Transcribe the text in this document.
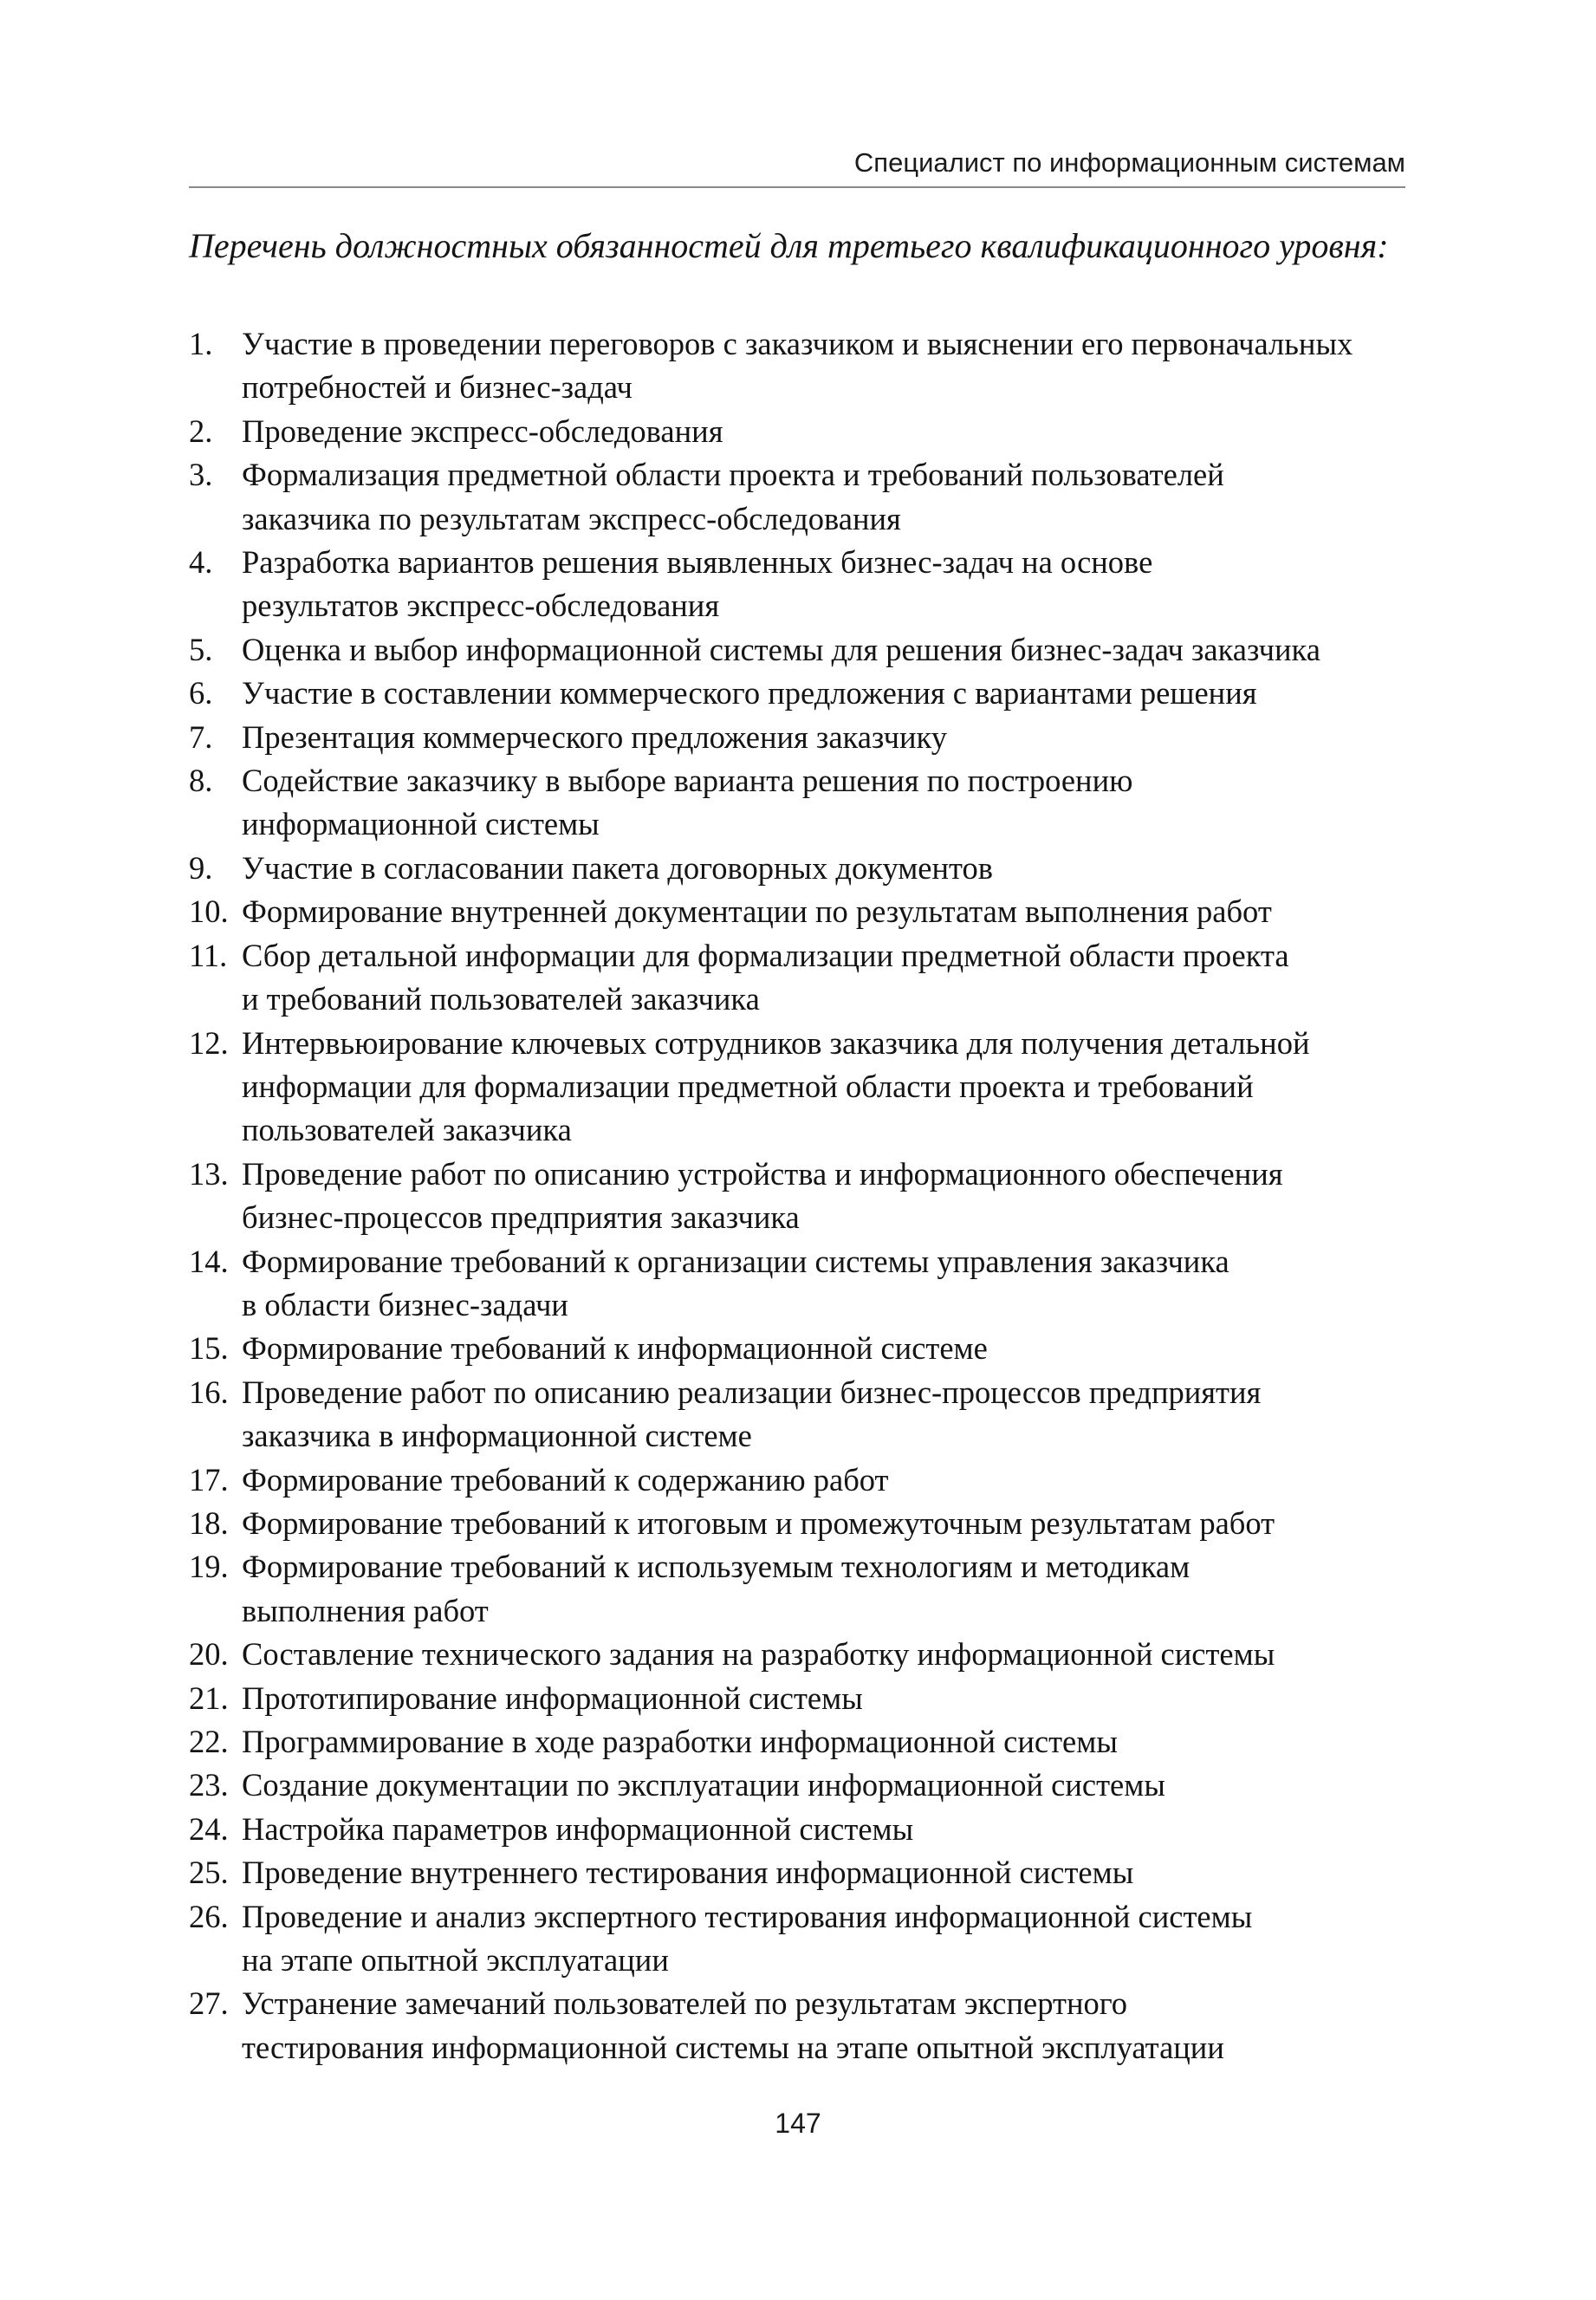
Специалист по информационным системам
Перечень должностных обязанностей для третьего квалификационного уровня:
1. Участие в проведении переговоров с заказчиком и выяснении его первоначальных
потребностей и бизнес-задач
2. Проведение экспресс-обследования
3. Формализация предметной области проекта и требований пользователей
заказчика по результатам экспресс-обследования
4. Разработка вариантов решения выявленных бизнес-задач на основе
результатов экспресс-обследования
5. Оценка и выбор информационной системы для решения бизнес-задач заказчика
6. Участие в составлении коммерческого предложения с вариантами решения
7. Презентация коммерческого предложения заказчику
8. Содействие заказчику в выборе варианта решения по построению
информационной системы
9. Участие в согласовании пакета договорных документов
10. Формирование внутренней документации по результатам выполнения работ
11. Сбор детальной информации для формализации предметной области проекта
и требований пользователей заказчика
12. Интервьюирование ключевых сотрудников заказчика для получения детальной
информации для формализации предметной области проекта и требований
пользователей заказчика
13. Проведение работ по описанию устройства и информационного обеспечения
бизнес-процессов предприятия заказчика
14. Формирование требований к организации системы управления заказчика
в области бизнес-задачи
15. Формирование требований к информационной системе
16. Проведение работ по описанию реализации бизнес-процессов предприятия
заказчика в информационной системе
17. Формирование требований к содержанию работ
18. Формирование требований к итоговым и промежуточным результатам работ
19. Формирование требований к используемым технологиям и методикам
выполнения работ
20. Составление технического задания на разработку информационной системы
21. Прототипирование информационной системы
22. Программирование в ходе разработки информационной системы
23. Создание документации по эксплуатации информационной системы
24. Настройка параметров информационной системы
25. Проведение внутреннего тестирования информационной системы
26. Проведение и анализ экспертного тестирования информационной системы
на этапе опытной эксплуатации
27. Устранение замечаний пользователей по результатам экспертного
тестирования информационной системы на этапе опытной эксплуатации
147
